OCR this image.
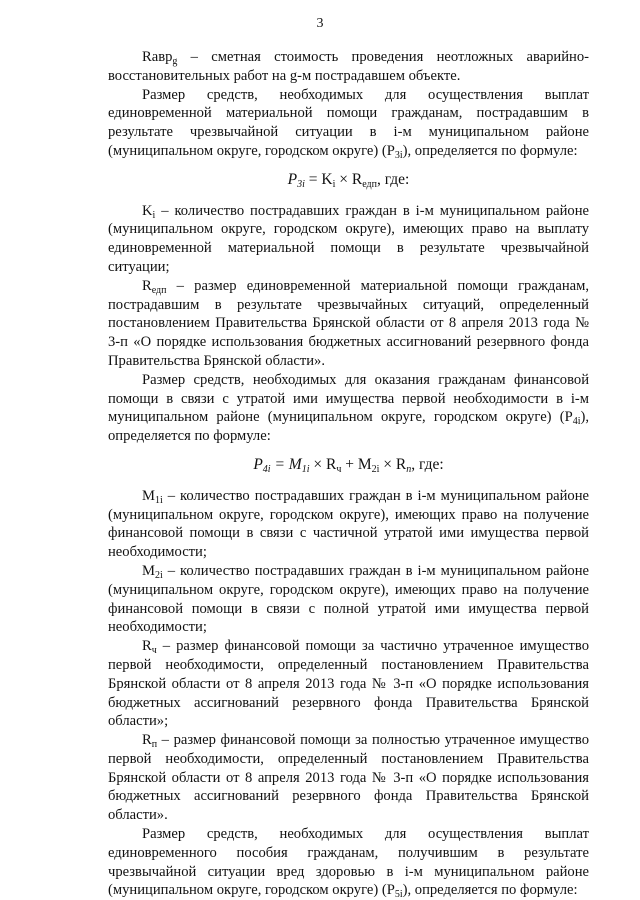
3

Rавр$_g$ – сметная стоимость проведения неотложных аварийно-восстановительных работ на g-м пострадавшем объекте.

Размер средств, необходимых для осуществления выплат единовременной материальной помощи гражданам, пострадавшим в результате чрезвычайной ситуации в i-м муниципальном районе (муниципальном округе, городском округе) $(P_{3i})$, определяется по формуле:

$P_{3i} = K_i \times R_{едп}$, где:

$K_i$ – количество пострадавших граждан в i-м муниципальном районе (муниципальном округе, городском округе), имеющих право на выплату единовременной материальной помощи в результате чрезвычайной ситуации;

$R_{едп}$ – размер единовременной материальной помощи гражданам, пострадавшим в результате чрезвычайных ситуаций, определенный постановлением Правительства Брянской области от 8 апреля 2013 года № 3-п «О порядке использования бюджетных ассигнований резервного фонда Правительства Брянской области».

Размер средств, необходимых для оказания гражданам финансовой помощи в связи с утратой ими имущества первой необходимости в i-м муниципальном районе (муниципальном округе, городском округе) $(P_{4i})$, определяется по формуле:

$P_{4i} = M_{1i} \times R_ч + M_{2i} \times R_п$, где:

$M_{1i}$ – количество пострадавших граждан в i-м муниципальном районе (муниципальном округе, городском округе), имеющих право на получение финансовой помощи в связи с частичной утратой ими имущества первой необходимости;

$M_{2i}$ – количество пострадавших граждан в i-м муниципальном районе (муниципальном округе, городском округе), имеющих право на получение финансовой помощи в связи с полной утратой ими имущества первой необходимости;

$R_ч$ – размер финансовой помощи за частично утраченное имущество первой необходимости, определенный постановлением Правительства Брянской области от 8 апреля 2013 года № 3-п «О порядке использования бюджетных ассигнований резервного фонда Правительства Брянской области»;

$R_п$ – размер финансовой помощи за полностью утраченное имущество первой необходимости, определенный постановлением Правительства Брянской области от 8 апреля 2013 года № 3-п «О порядке использования бюджетных ассигнований резервного фонда Правительства Брянской области».

Размер средств, необходимых для осуществления выплат единовременного пособия гражданам, получившим в результате чрезвычайной ситуации вред здоровью в i-м муниципальном районе (муниципальном округе, городском округе) $(P_{5i})$, определяется по формуле:
